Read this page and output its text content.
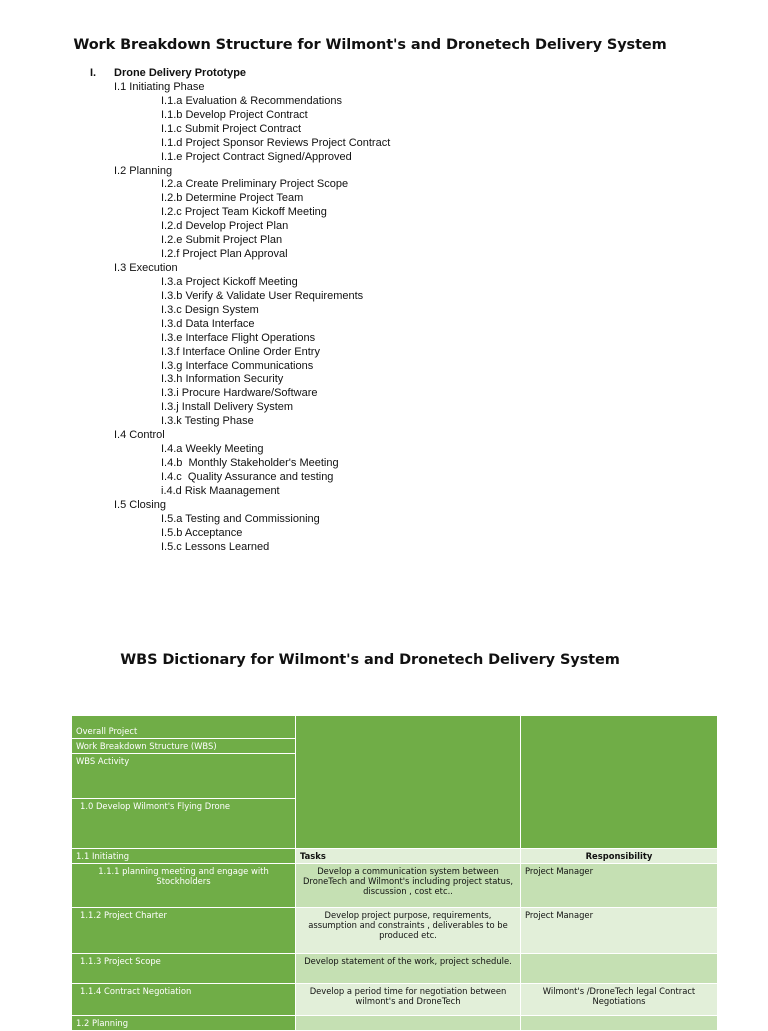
Work Breakdown Structure for Wilmont's and Dronetech Delivery System
I. Drone Delivery Prototype
I.1 Initiating Phase
I.1.a Evaluation & Recommendations
I.1.b Develop Project Contract
I.1.c Submit Project Contract
I.1.d Project Sponsor Reviews Project Contract
I.1.e Project Contract Signed/Approved
I.2 Planning
I.2.a Create Preliminary Project Scope
I.2.b Determine Project Team
I.2.c Project Team Kickoff Meeting
I.2.d Develop Project Plan
I.2.e Submit Project Plan
I.2.f Project Plan Approval
I.3 Execution
I.3.a Project Kickoff Meeting
I.3.b Verify & Validate User Requirements
I.3.c Design System
I.3.d Data Interface
I.3.e Interface Flight Operations
I.3.f Interface Online Order Entry
I.3.g Interface Communications
I.3.h Information Security
I.3.i Procure Hardware/Software
I.3.j Install Delivery System
I.3.k Testing Phase
I.4 Control
I.4.a Weekly Meeting
I.4.b  Monthly Stakeholder's Meeting
I.4.c  Quality Assurance and testing
i.4.d Risk Maanagement
I.5 Closing
I.5.a Testing and Commissioning
I.5.b Acceptance
I.5.c Lessons Learned
WBS Dictionary for Wilmont's and Dronetech Delivery System
Overall Project
Work Breakdown Structure (WBS)
WBS Activity
1.0 Develop Wilmont's Flying Drone		

1.1 Initiating	Tasks	Responsibility
1.1.1 planning meeting and engage with Stockholders	Develop a communication system between DroneTech and Wilmont's including project status, discussion , cost etc..	Project Manager
1.1.2 Project Charter	Develop project purpose, requirements, assumption and constraints , deliverables to be produced etc.	Project Manager
1.1.3 Project Scope	Develop statement of the work, project schedule.	
1.1.4 Contract Negotiation	Develop a period time for negotiation between wilmont's and DroneTech	Wilmont's /DroneTech legal Contract Negotiations
1.2 Planning		
